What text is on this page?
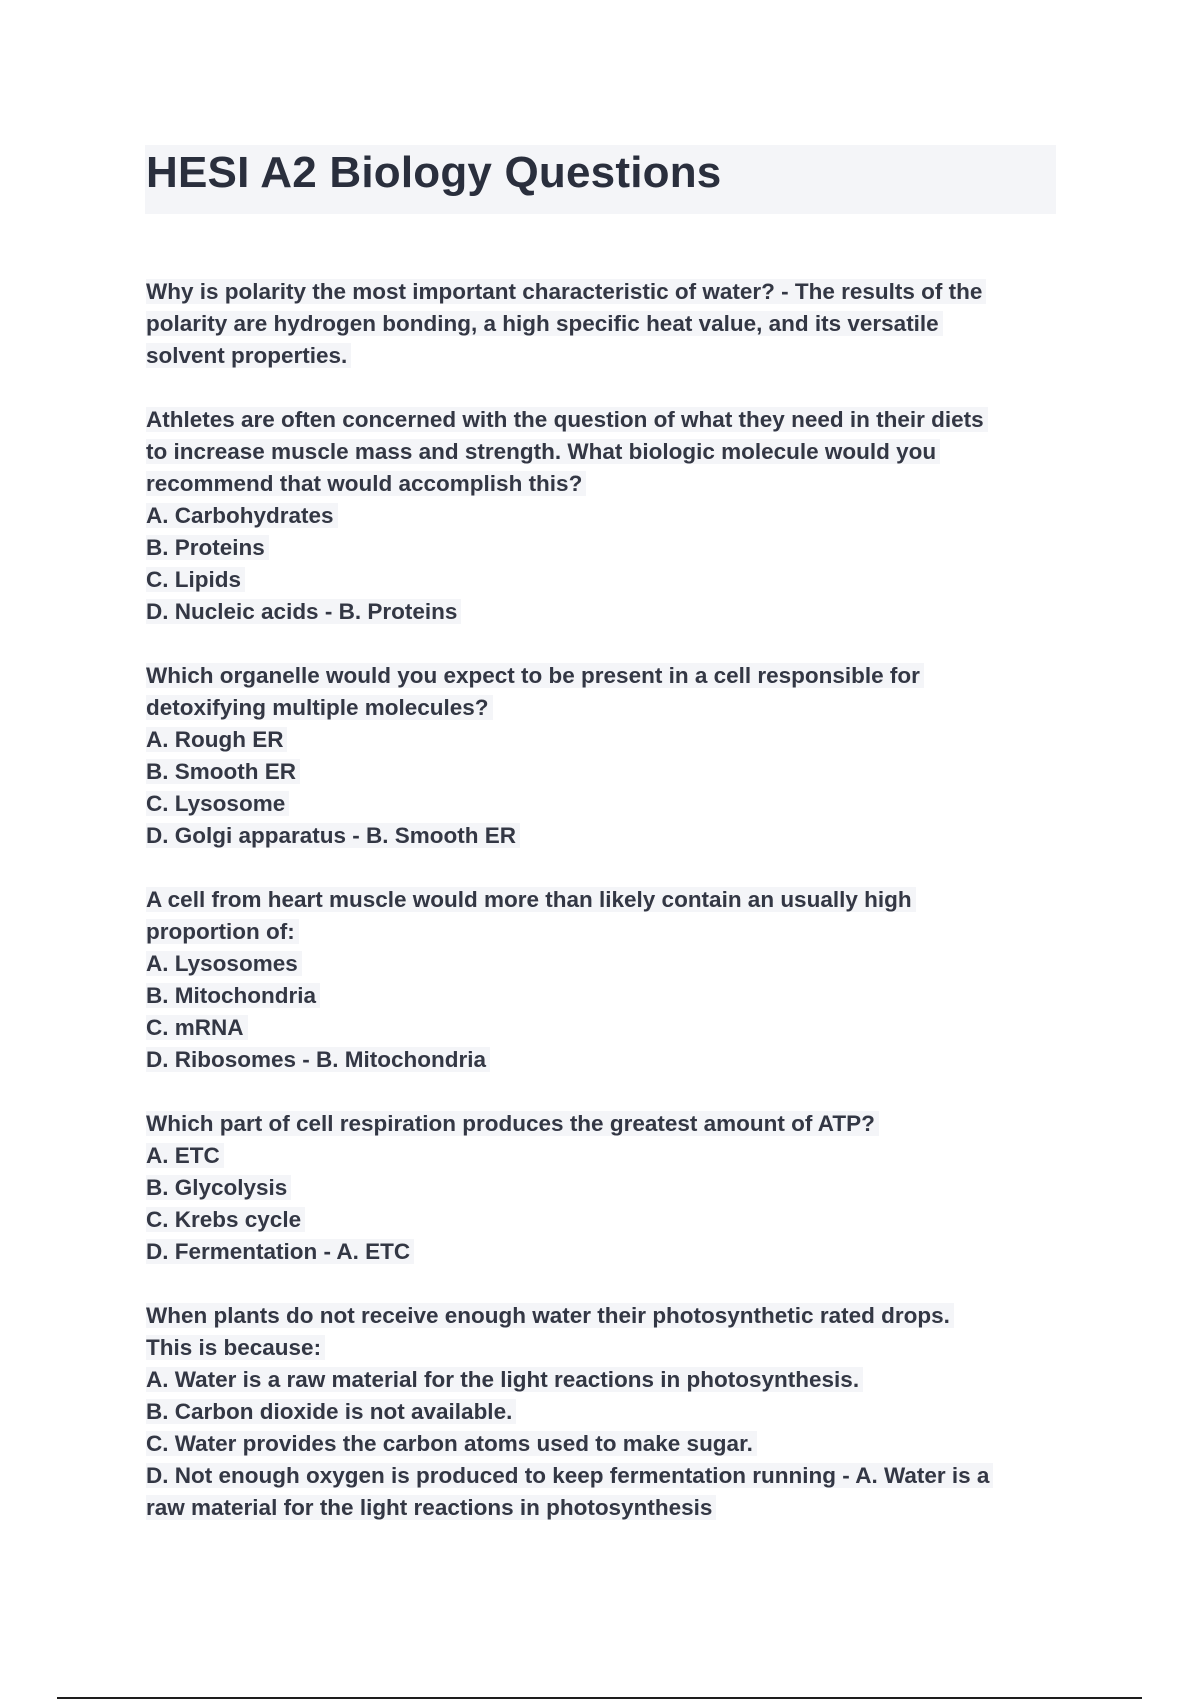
HESI A2 Biology Questions
Why is polarity the most important characteristic of water? - The results of the
polarity are hydrogen bonding, a high specific heat value, and its versatile
solvent properties.
Athletes are often concerned with the question of what they need in their diets
to increase muscle mass and strength. What biologic molecule would you
recommend that would accomplish this?
A. Carbohydrates
B. Proteins
C. Lipids
D. Nucleic acids - B. Proteins
Which organelle would you expect to be present in a cell responsible for
detoxifying multiple molecules?
A. Rough ER
B. Smooth ER
C. Lysosome
D. Golgi apparatus - B. Smooth ER
A cell from heart muscle would more than likely contain an usually high
proportion of:
A. Lysosomes
B. Mitochondria
C. mRNA
D. Ribosomes - B. Mitochondria
Which part of cell respiration produces the greatest amount of ATP?
A. ETC
B. Glycolysis
C. Krebs cycle
D. Fermentation - A. ETC
When plants do not receive enough water their photosynthetic rated drops.
This is because:
A. Water is a raw material for the light reactions in photosynthesis.
B. Carbon dioxide is not available.
C. Water provides the carbon atoms used to make sugar.
D. Not enough oxygen is produced to keep fermentation running - A. Water is a
raw material for the light reactions in photosynthesis
